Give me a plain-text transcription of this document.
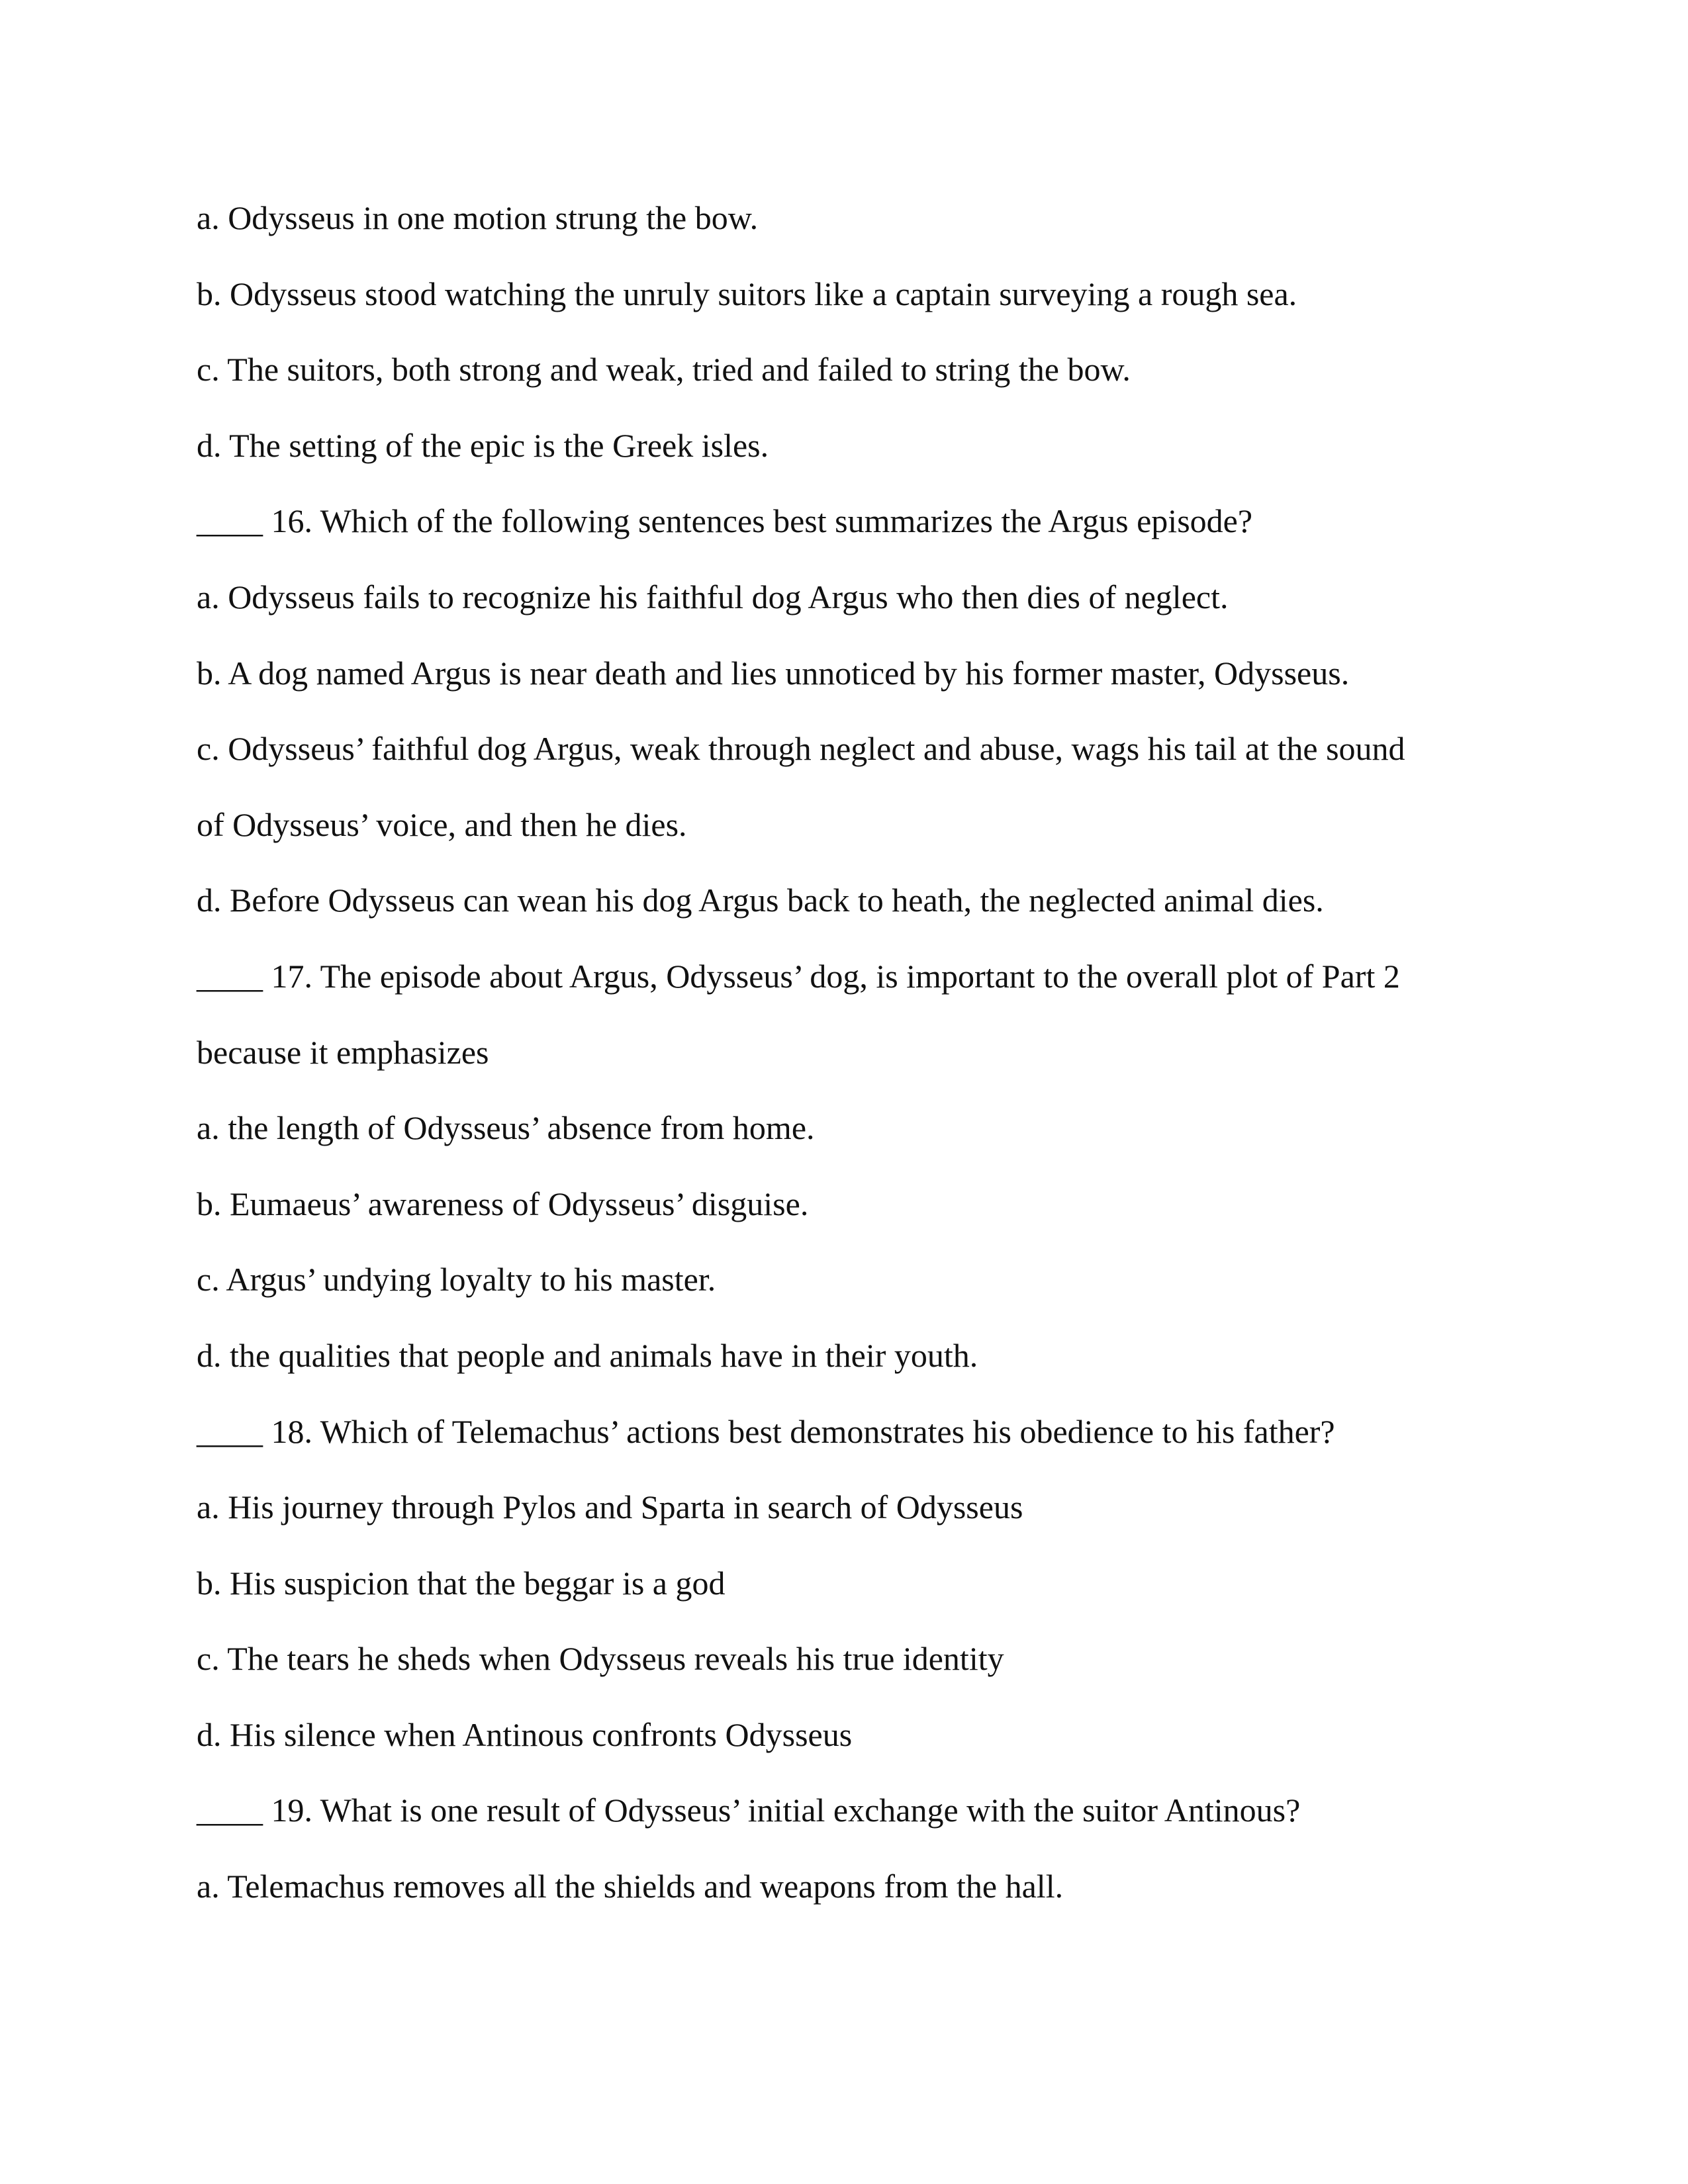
a. Odysseus in one motion strung the bow.
b. Odysseus stood watching the unruly suitors like a captain surveying a rough sea.
c. The suitors, both strong and weak, tried and failed to string the bow.
d. The setting of the epic is the Greek isles.
____ 16. Which of the following sentences best summarizes the Argus episode?
a. Odysseus fails to recognize his faithful dog Argus who then dies of neglect.
b. A dog named Argus is near death and lies unnoticed by his former master, Odysseus.
c. Odysseus’ faithful dog Argus, weak through neglect and abuse, wags his tail at the sound
of Odysseus’ voice, and then he dies.
d. Before Odysseus can wean his dog Argus back to heath, the neglected animal dies.
____ 17. The episode about Argus, Odysseus’ dog, is important to the overall plot of Part 2
because it emphasizes
a. the length of Odysseus’ absence from home.
b. Eumaeus’ awareness of Odysseus’ disguise.
c. Argus’ undying loyalty to his master.
d. the qualities that people and animals have in their youth.
____ 18. Which of Telemachus’ actions best demonstrates his obedience to his father?
a. His journey through Pylos and Sparta in search of Odysseus
b. His suspicion that the beggar is a god
c. The tears he sheds when Odysseus reveals his true identity
d. His silence when Antinous confronts Odysseus
____ 19. What is one result of Odysseus’ initial exchange with the suitor Antinous?
a. Telemachus removes all the shields and weapons from the hall.
